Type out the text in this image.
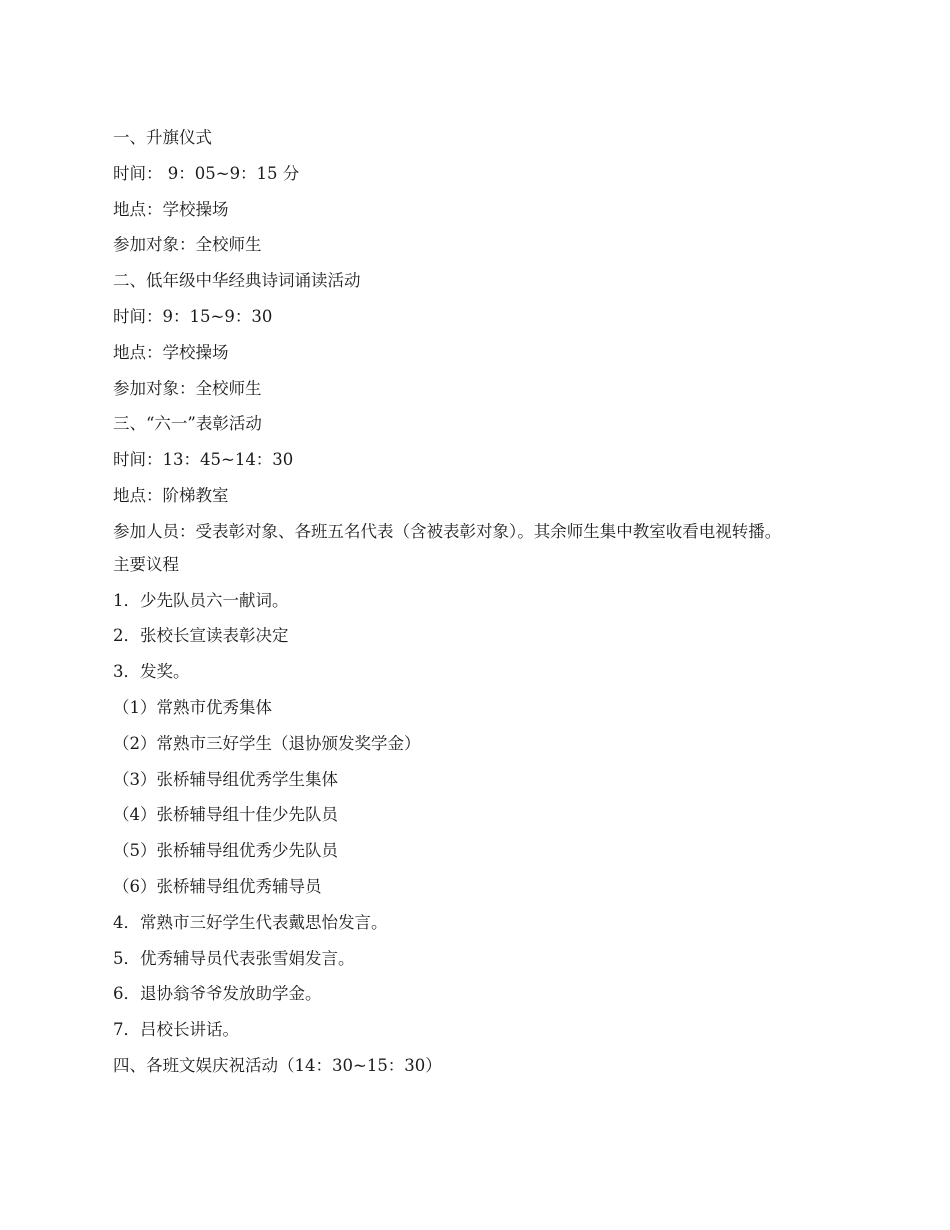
一、升旗仪式
时间： 9：05~9：15 分
地点：学校操场
参加对象：全校师生
二、低年级中华经典诗词诵读活动
时间：9：15~9：30
地点：学校操场
参加对象：全校师生
三、“六一”表彰活动
时间：13：45~14：30
地点：阶梯教室
参加人员：受表彰对象、各班五名代表（含被表彰对象）。其余师生集中教室收看电视转播。
主要议程
1．少先队员六一献词。
2．张校长宣读表彰决定
3．发奖。
（1）常熟市优秀集体
（2）常熟市三好学生（退协颁发奖学金）
（3）张桥辅导组优秀学生集体
（4）张桥辅导组十佳少先队员
（5）张桥辅导组优秀少先队员
（6）张桥辅导组优秀辅导员
4．常熟市三好学生代表戴思怡发言。
5．优秀辅导员代表张雪娟发言。
6．退协翁爷爷发放助学金。
7．吕校长讲话。
四、各班文娱庆祝活动（14：30~15：30）
